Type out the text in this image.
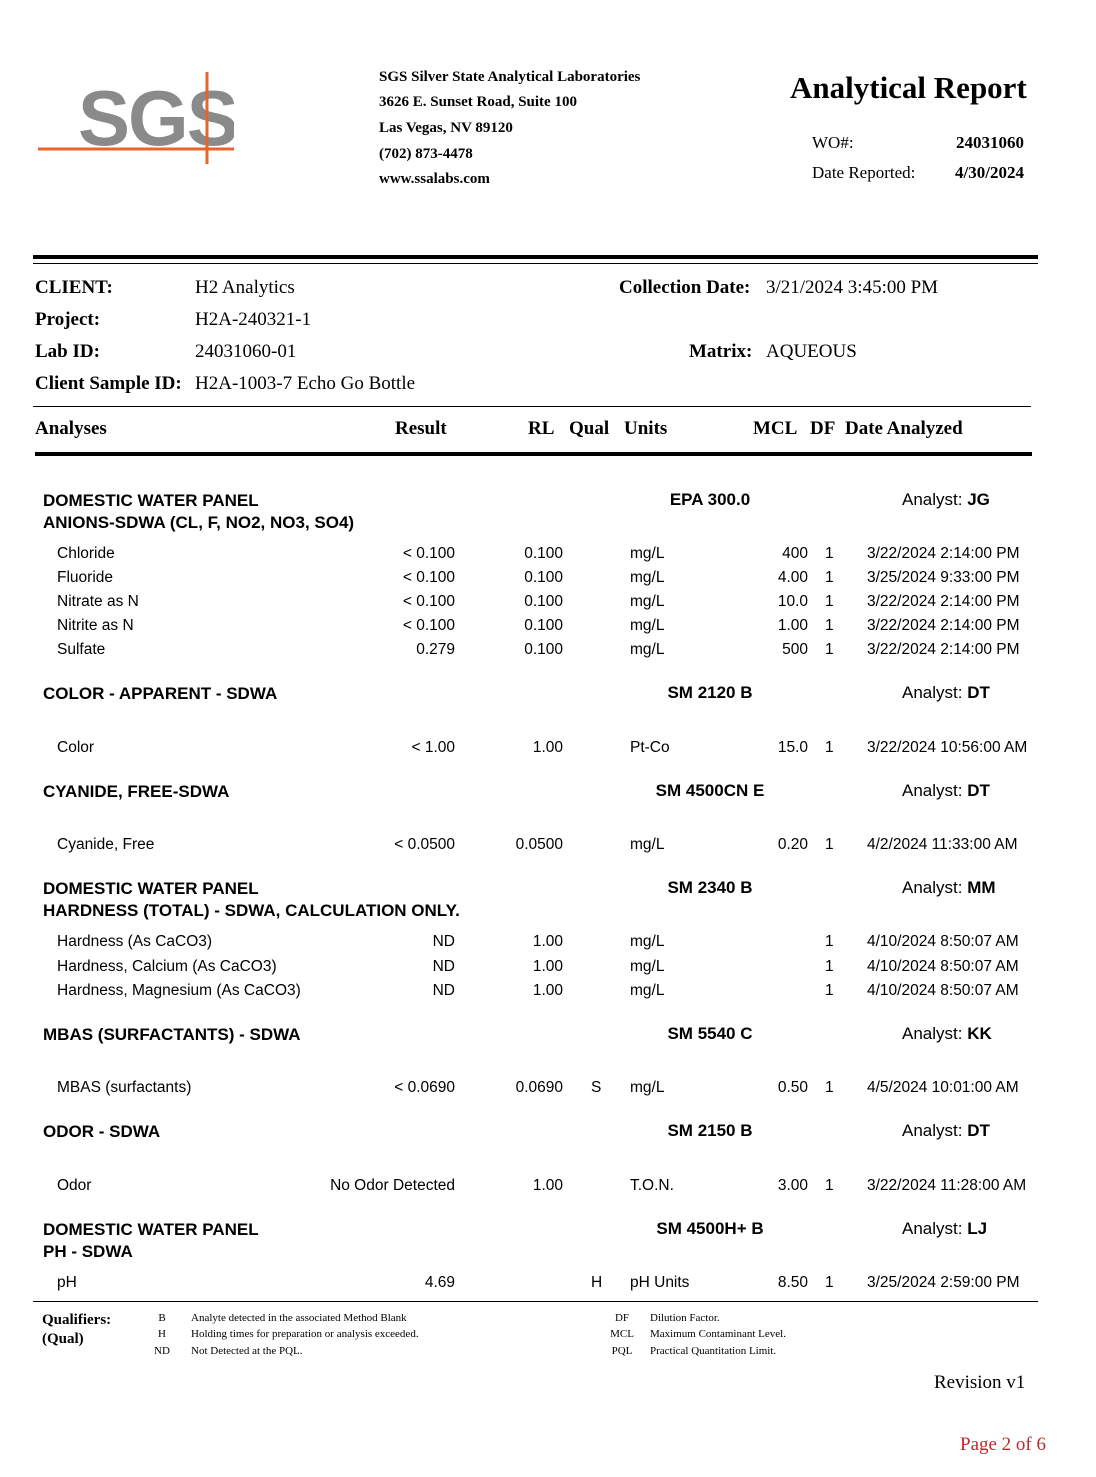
SGS	SGS Silver State Analytical Laboratories
3626 E. Sunset Road, Suite 100
Las Vegas, NV 89120
(702) 873-4478
www.ssalabs.com
Analytical Report
WO#:	24031060
Date Reported: 4/30/2024
CLIENT:	H2 Analytics
Project:	H2A-240321-1
Lab ID:	24031060-01
Client Sample ID: H2A-1003-7 Echo Go Bottle
Collection Date: 3/21/2024 3:45:00 PM
Matrix: AQUEOUS
Analyses	Result	RL Qual Units	MCL DF Date Analyzed
DOMESTIC WATER PANEL
ANIONS-SDWA (CL, F, NO2, NO3, SO4)
EPA 300.0	Analyst: JG
Chloride	< 0.100	0.100	mg/L	400 1 3/22/2024 2:14:00 PM
Fluoride	< 0.100	0.100	mg/L	4.00 1 3/25/2024 9:33:00 PM
Nitrate as N	< 0.100	0.100	mg/L	10.0 1 3/22/2024 2:14:00 PM
Nitrite as N	< 0.100	0.100	mg/L	1.00 1 3/22/2024 2:14:00 PM
Sulfate	0.279	0.100	mg/L	500 1 3/22/2024 2:14:00 PM
COLOR - APPARENT - SDWA	SM 2120 B	Analyst: DT
Color	< 1.00	1.00	Pt-Co	15.0 1 3/22/2024 10:56:00 AM
CYANIDE, FREE-SDWA	SM 4500CN E	Analyst: DT
Cyanide, Free	< 0.0500	0.0500	mg/L	0.20 1 4/2/2024 11:33:00 AM
DOMESTIC WATER PANEL
HARDNESS (TOTAL) - SDWA, CALCULATION ONLY.
SM 2340 B	Analyst: MM
Hardness (As CaCO3)	ND	1.00	mg/L	1 4/10/2024 8:50:07 AM
Hardness, Calcium (As CaCO3)	ND	1.00	mg/L	1 4/10/2024 8:50:07 AM
Hardness, Magnesium (As CaCO3)	ND	1.00	mg/L	1 4/10/2024 8:50:07 AM
MBAS (SURFACTANTS) - SDWA	SM 5540 C	Analyst: KK
MBAS (surfactants)	< 0.0690	0.0690 S mg/L	0.50 1 4/5/2024 10:01:00 AM
ODOR - SDWA	SM 2150 B	Analyst: DT
Odor	No Odor Detected	1.00	T.O.N.	3.00 1 3/22/2024 11:28:00 AM
DOMESTIC WATER PANEL
PH - SDWA
SM 4500H+ B	Analyst: LJ
pH	4.69	H pH Units	8.50 1 3/25/2024 2:59:00 PM
Qualifiers:
(Qual)
B	Analyte detected in the associated Method Blank
H	Holding times for preparation or analysis exceeded.
ND	Not Detected at the PQL.
DF	Dilution Factor.
MCL Maximum Contaminant Level.
PQL	Practical Quantitation Limit.
Revision v1
Page 2 of 6
